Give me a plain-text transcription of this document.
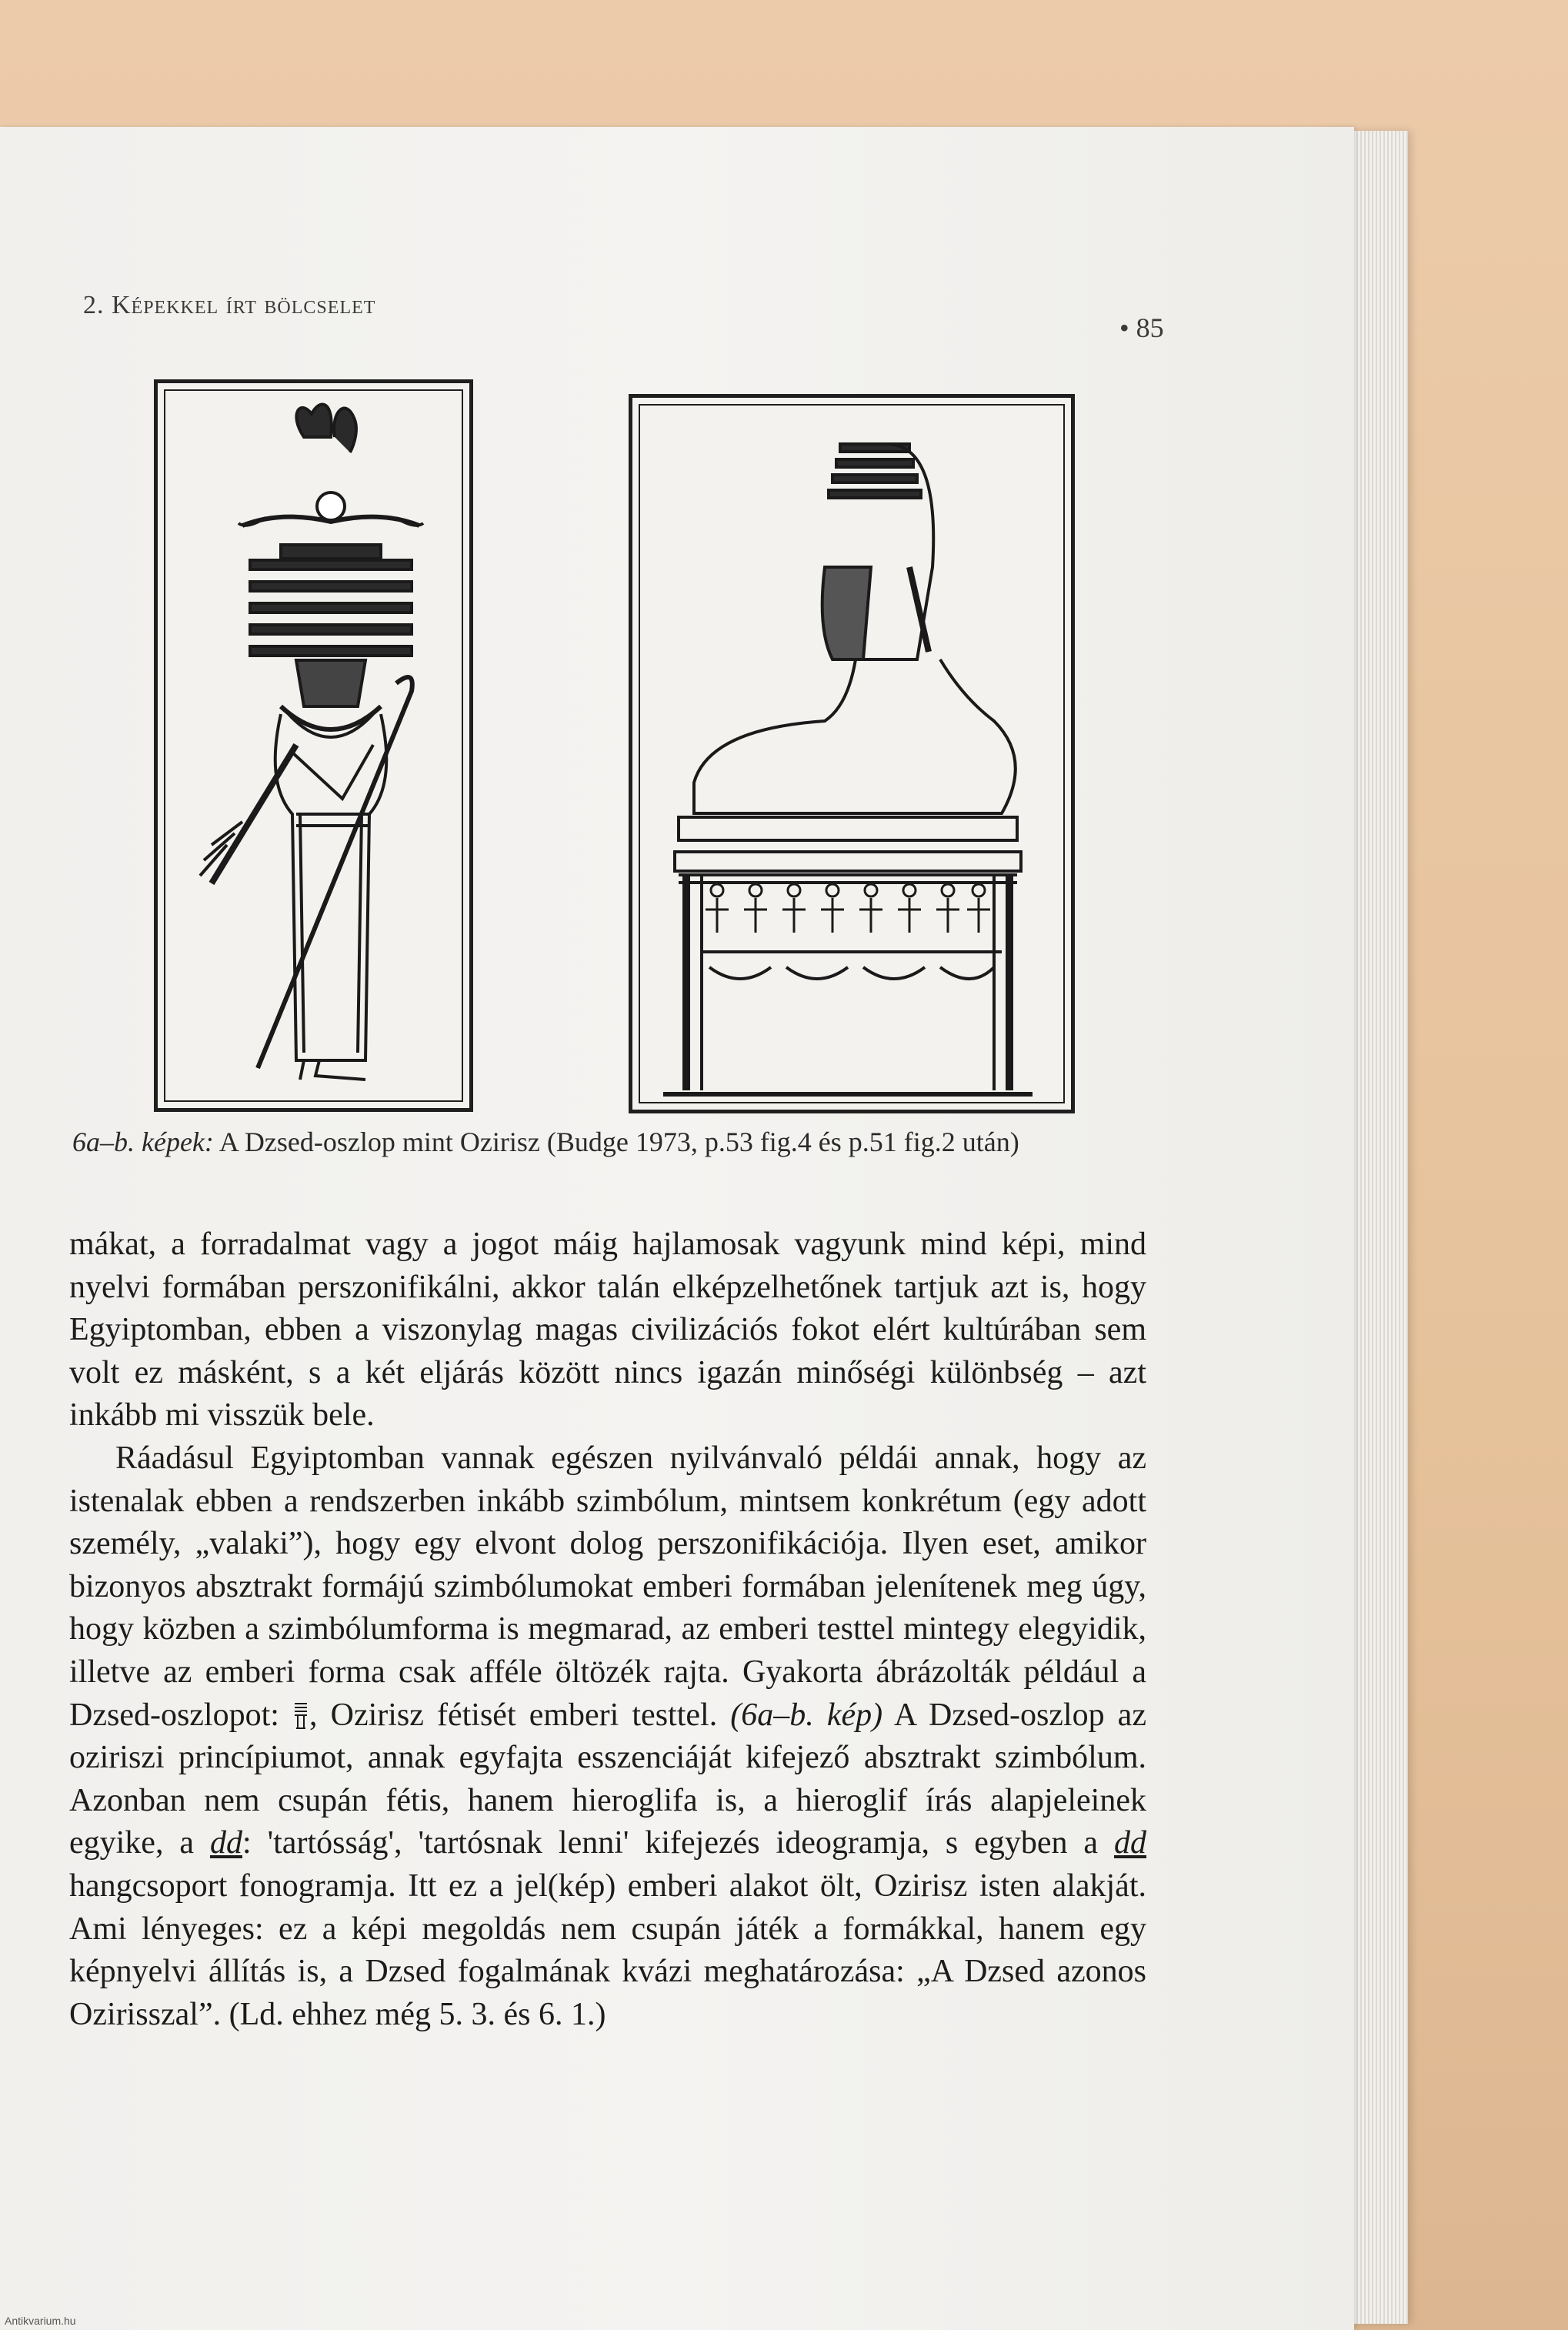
2. Képekkel írt bölcselet
• 85
6a–b. képek: A Dzsed-oszlop mint Ozirisz (Budge 1973, p.53 fig.4 és p.51 fig.2 után)

mákat, a forradalmat vagy a jogot máig hajlamosak vagyunk mind képi, mind nyelvi formában perszonifikálni, akkor talán elképzelhetőnek tartjuk azt is, hogy Egyiptomban, ebben a viszonylag magas civilizációs fokot elért kultúrában sem volt ez másként, s a két eljárás között nincs igazán minőségi különbség – azt inkább mi visszük bele.

Ráadásul Egyiptomban vannak egészen nyilvánvaló példái annak, hogy az istenalak ebben a rendszerben inkább szimbólum, mintsem konkrétum (egy adott személy, „valaki”), hogy egy elvont dolog perszonifikációja. Ilyen eset, amikor bizonyos absztrakt formájú szimbólumokat emberi formában jelenítenek meg úgy, hogy közben a szimbólumforma is megmarad, az emberi testtel mintegy elegyidik, illetve az emberi forma csak afféle öltözék rajta. Gyakorta ábrázolták például a Dzsed-oszlopot: , Ozirisz fétisét emberi testtel. (6a–b. kép) A Dzsed-oszlop az oziriszi princípiumot, annak egyfajta esszenciáját kifejező absztrakt szimbólum. Azonban nem csupán fétis, hanem hieroglifa is, a hieroglif írás alapjeleinek egyike, a dd: 'tartósság', 'tartósnak lenni' kifejezés ideogramja, s egyben a dd hangcsoport fonogramja. Itt ez a jel(kép) emberi alakot ölt, Ozirisz isten alakját. Ami lényeges: ez a képi megoldás nem csupán játék a formákkal, hanem egy képnyelvi állítás is, a Dzsed fogalmának kvázi meghatározása: „A Dzsed azonos Ozirisszal”. (Ld. ehhez még 5. 3. és 6. 1.)

Antikvarium.hu
